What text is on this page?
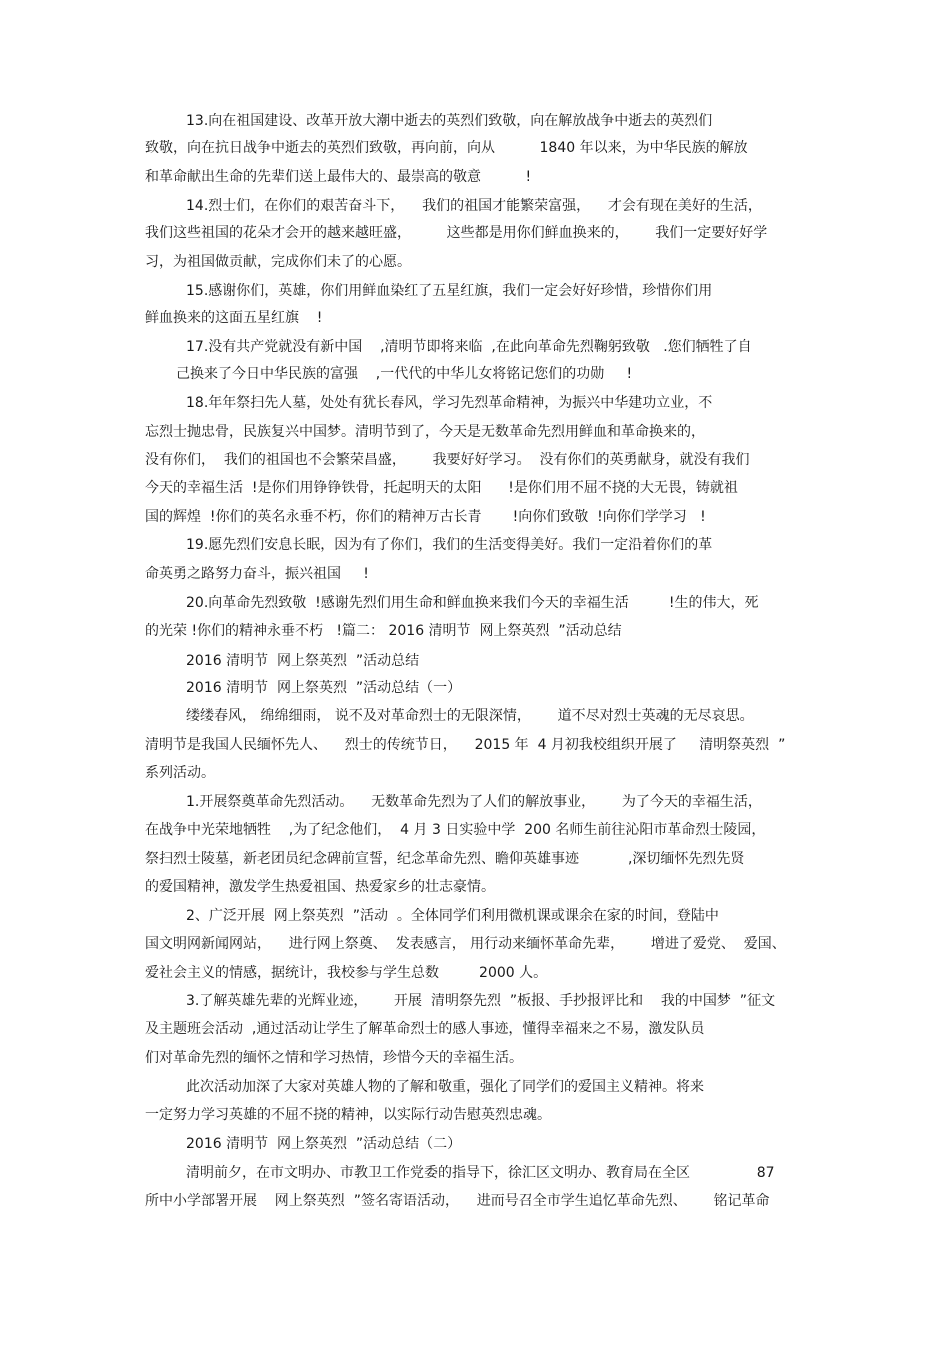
13.向在祖国建设、改革开放大潮中逝去的英烈们致敬，向在解放战争中逝去的英烈们
致敬，向在抗日战争中逝去的英烈们致敬，再向前，向从          1840 年以来，为中华民族的解放
和革命献出生命的先辈们送上最伟大的、最崇高的敬意          !
14.烈士们，在你们的艰苦奋斗下，    我们的祖国才能繁荣富强，    才会有现在美好的生活，
我们这些祖国的花朵才会开的越来越旺盛，        这些都是用你们鲜血换来的，      我们一定要好好学
习，为祖国做贡献，完成你们未了的心愿。
15.感谢你们，英雄，你们用鲜血染红了五星红旗，我们一定会好好珍惜，珍惜你们用
鲜血换来的这面五星红旗    !
17.没有共产党就没有新中国    ,清明节即将来临  ,在此向革命先烈鞠躬致敬   .您们牺牲了自
己换来了今日中华民族的富强    ,一代代的中华儿女将铭记您们的功勋     !
18.年年祭扫先人墓，处处有犹长春风，学习先烈革命精神，为振兴中华建功立业，不
忘烈士抛忠骨，民族复兴中国梦。清明节到了，今天是无数革命先烈用鲜血和革命换来的，
没有你们，  我们的祖国也不会繁荣昌盛，      我要好好学习。  没有你们的英勇献身，就没有我们
今天的幸福生活  !是你们用铮铮铁骨，托起明天的太阳      !是你们用不屈不挠的大无畏，铸就祖
国的辉煌  !你们的英名永垂不朽，你们的精神万古长青       !向你们致敬  !向你们学学习   !
19.愿先烈们安息长眠，因为有了你们，我们的生活变得美好。我们一定沿着你们的革
命英勇之路努力奋斗，振兴祖国     !
20.向革命先烈致敬  !感谢先烈们用生命和鲜血换来我们今天的幸福生活         !生的伟大，死
的光荣 !你们的精神永垂不朽   !篇二： 2016 清明节  网上祭英烈  ”活动总结
2016 清明节  网上祭英烈  ”活动总结
2016 清明节  网上祭英烈  ”活动总结（一）
缕缕春风， 绵绵细雨， 说不及对革命烈士的无限深情，      道不尽对烈士英魂的无尽哀思。
清明节是我国人民缅怀先人、    烈士的传统节日，    2015 年  4 月初我校组织开展了     清明祭英烈  ”
系列活动。
1.开展祭奠革命先烈活动。    无数革命先烈为了人们的解放事业，      为了今天的幸福生活，
在战争中光荣地牺牲    ,为了纪念他们，  4 月 3 日实验中学  200 名师生前往沁阳市革命烈士陵园，
祭扫烈士陵墓，新老团员纪念碑前宣誓，纪念革命先烈、瞻仰英雄事迹           ,深切缅怀先烈先贤
的爱国精神，激发学生热爱祖国、热爱家乡的壮志豪情。
2、广泛开展  网上祭英烈  ”活动  。全体同学们利用微机课或课余在家的时间，登陆中
国文明网新闻网站，    进行网上祭奠、  发表感言， 用行动来缅怀革命先辈，      增进了爱党、  爱国、
爱社会主义的情感，据统计，我校参与学生总数         2000 人。
3.了解英雄先辈的光辉业迹，      开展  清明祭先烈  ”板报、手抄报评比和    我的中国梦  ”征文
及主题班会活动  ,通过活动让学生了解革命烈士的感人事迹，懂得幸福来之不易，激发队员
们对革命先烈的缅怀之情和学习热情，珍惜今天的幸福生活。
此次活动加深了大家对英雄人物的了解和敬重，强化了同学们的爱国主义精神。将来
一定努力学习英雄的不屈不挠的精神，以实际行动告慰英烈忠魂。
2016 清明节  网上祭英烈  ”活动总结（二）
清明前夕，在市文明办、市教卫工作党委的指导下，徐汇区文明办、教育局在全区               87
所中小学部署开展    网上祭英烈  ”签名寄语活动，    进而号召全市学生追忆革命先烈、      铭记革命
